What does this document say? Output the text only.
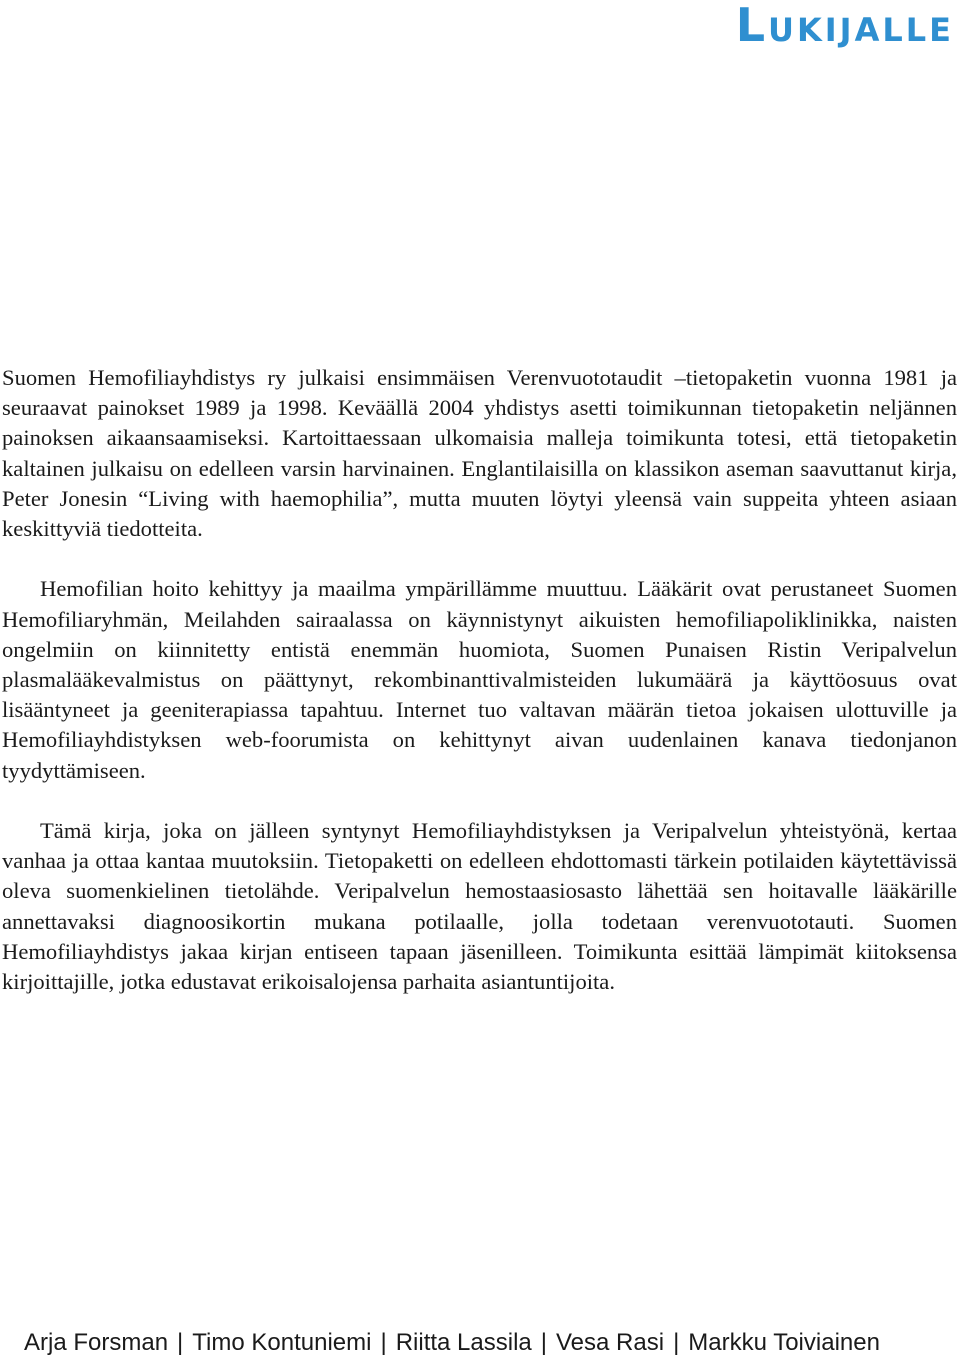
Lukijalle

Suomen Hemofiliayhdistys ry julkaisi ensimmäisen Verenvuototaudit –tietopaketin vuonna 1981 ja seuraavat painokset 1989 ja 1998. Keväällä 2004 yhdistys asetti toimikunnan tietopaketin neljännen painoksen aikaansaamiseksi. Kartoittaessaan ulkomaisia malleja toimikunta totesi, että tietopaketin kaltainen julkaisu on edelleen varsin harvinainen. Englantilaisilla on klassikon aseman saavuttanut kirja, Peter Jonesin “Living with haemophilia”, mutta muuten löytyi yleensä vain suppeita yhteen asiaan keskittyviä tiedotteita.

Hemofilian hoito kehittyy ja maailma ympärillämme muuttuu. Lääkärit ovat perustaneet Suomen Hemofiliaryhmän, Meilahden sairaalassa on käynnistynyt aikuisten hemofiliapoliklinikka, naisten ongelmiin on kiinnitetty entistä enemmän huomiota, Suomen Punaisen Ristin Veripalvelun plasmalääkevalmistus on päättynyt, rekombinanttivalmisteiden lukumäärä ja käyttöosuus ovat lisääntyneet ja geeniterapiassa tapahtuu. Internet tuo valtavan määrän tietoa jokaisen ulottuville ja Hemofiliayhdistyksen web-foorumista on kehittynyt aivan uudenlainen kanava tiedonjanon tyydyttämiseen.

Tämä kirja, joka on jälleen syntynyt Hemofiliayhdistyksen ja Veripalvelun yhteistyönä, kertaa vanhaa ja ottaa kantaa muutoksiin. Tietopaketti on edelleen ehdottomasti tärkein potilaiden käytettävissä oleva suomenkielinen tietolähde. Veripalvelun hemostaasiosasto lähettää sen hoitavalle lääkärille annettavaksi diagnoosikortin mukana potilaalle, jolla todetaan verenvuototauti. Suomen Hemofiliayhdistys jakaa kirjan entiseen tapaan jäsenilleen. Toimikunta esittää lämpimät kiitoksensa kirjoittajille, jotka edustavat erikoisalojensa parhaita asiantuntijoita.

Arja Forsman | Timo Kontuniemi | Riitta Lassila | Vesa Rasi | Markku Toiviainen
